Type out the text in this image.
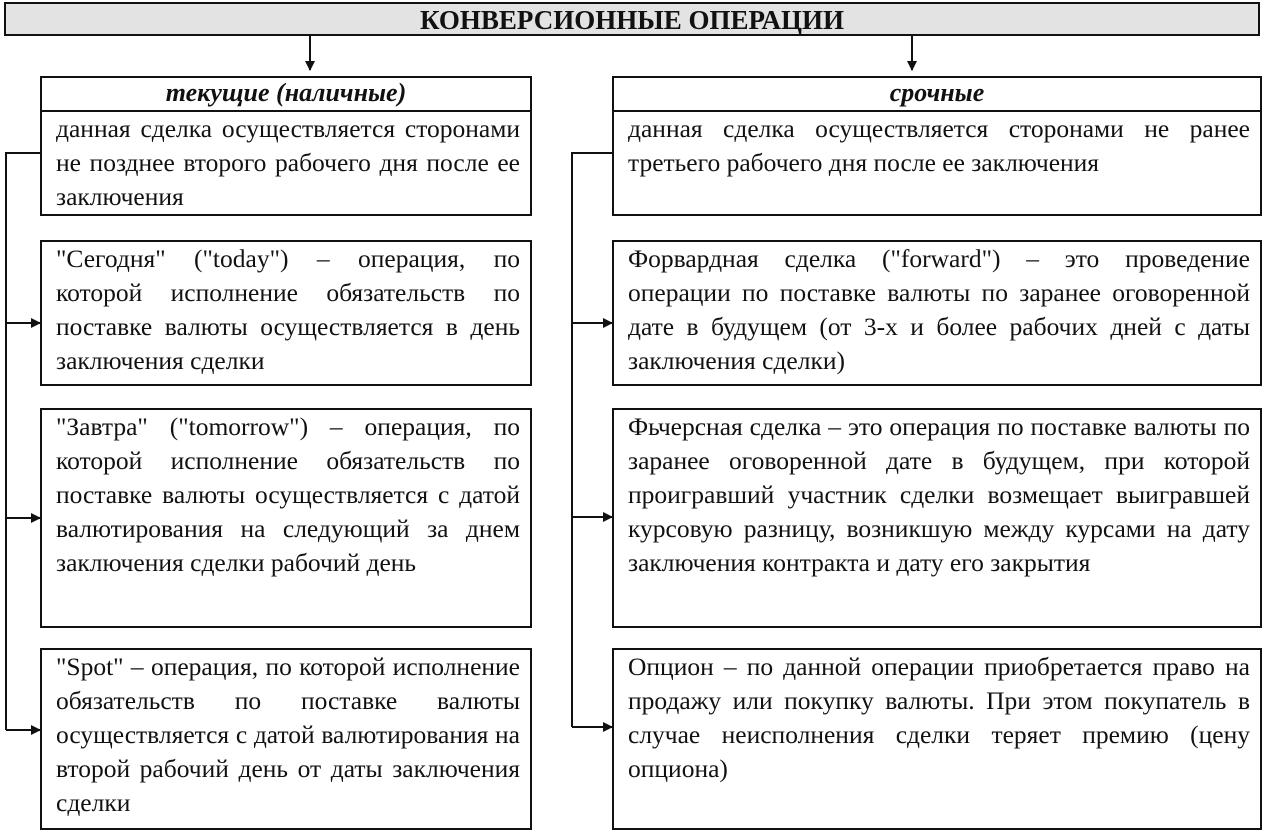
КОНВЕРСИОННЫЕ ОПЕРАЦИИ
текущие (наличные)
данная сделка осуществляется сторонами не позднее второго рабочего дня после ее заключения
"Сегодня" ("today") – операция, по которой исполнение обязательств по поставке валюты осуществляется в день заключения сделки
"Завтра" ("tomorrow") – операция, по которой исполнение обязательств по поставке валюты осуществляется с датой валютирования на следующий за днем заключения сделки рабочий день
"Spot" – операция, по которой исполнение обязательств по поставке валюты осуществляется с датой валютирования на второй рабочий день от даты заключения сделки
срочные
данная сделка осуществляется сторонами не ранее третьего рабочего дня после ее заключения
Форвардная сделка ("forward") – это проведение операции по поставке валюты по заранее оговоренной дате в будущем (от 3-х и более рабочих дней с даты заключения сделки)
Фьчерсная сделка – это операция по поставке валюты по заранее оговоренной дате в будущем, при которой проигравший участник сделки возмещает выигравшей курсовую разницу, возникшую между курсами на дату заключения контракта и дату его закрытия
Опцион – по данной операции приобретается право на продажу или покупку валюты. При этом покупатель в случае неисполнения сделки теряет премию (цену опциона)
